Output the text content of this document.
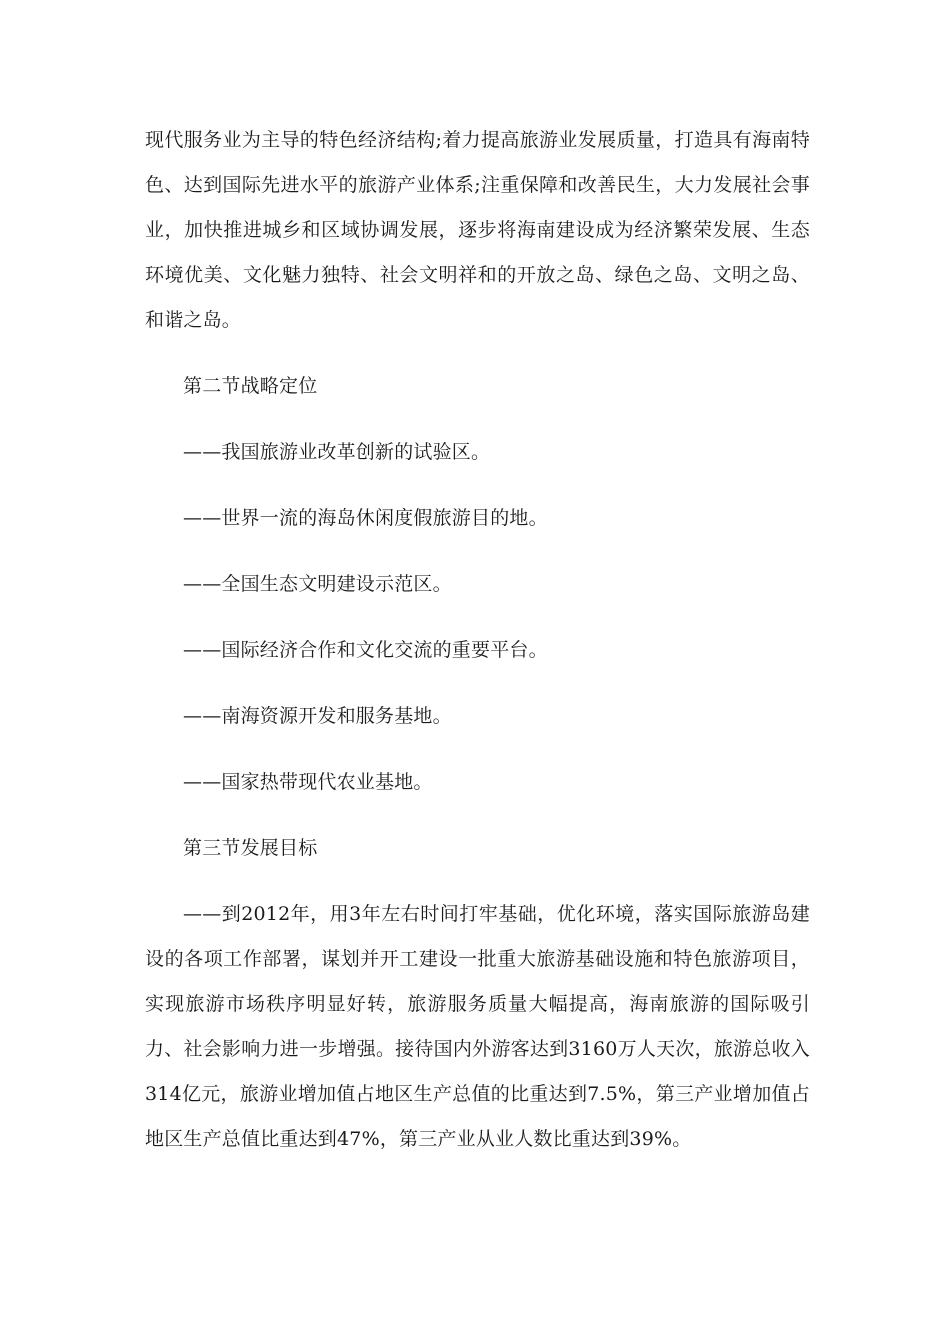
现代服务业为主导的特色经济结构;着力提高旅游业发展质量，打造具有海南特色、达到国际先进水平的旅游产业体系;注重保障和改善民生，大力发展社会事业，加快推进城乡和区域协调发展，逐步将海南建设成为经济繁荣发展、生态环境优美、文化魅力独特、社会文明祥和的开放之岛、绿色之岛、文明之岛、和谐之岛。

第二节战略定位

——我国旅游业改革创新的试验区。

——世界一流的海岛休闲度假旅游目的地。

——全国生态文明建设示范区。

——国际经济合作和文化交流的重要平台。

——南海资源开发和服务基地。

——国家热带现代农业基地。

第三节发展目标

——到2012年，用3年左右时间打牢基础，优化环境，落实国际旅游岛建设的各项工作部署，谋划并开工建设一批重大旅游基础设施和特色旅游项目，实现旅游市场秩序明显好转，旅游服务质量大幅提高，海南旅游的国际吸引力、社会影响力进一步增强。接待国内外游客达到3160万人天次，旅游总收入314亿元，旅游业增加值占地区生产总值的比重达到7.5%，第三产业增加值占地区生产总值比重达到47%，第三产业从业人数比重达到39%。
